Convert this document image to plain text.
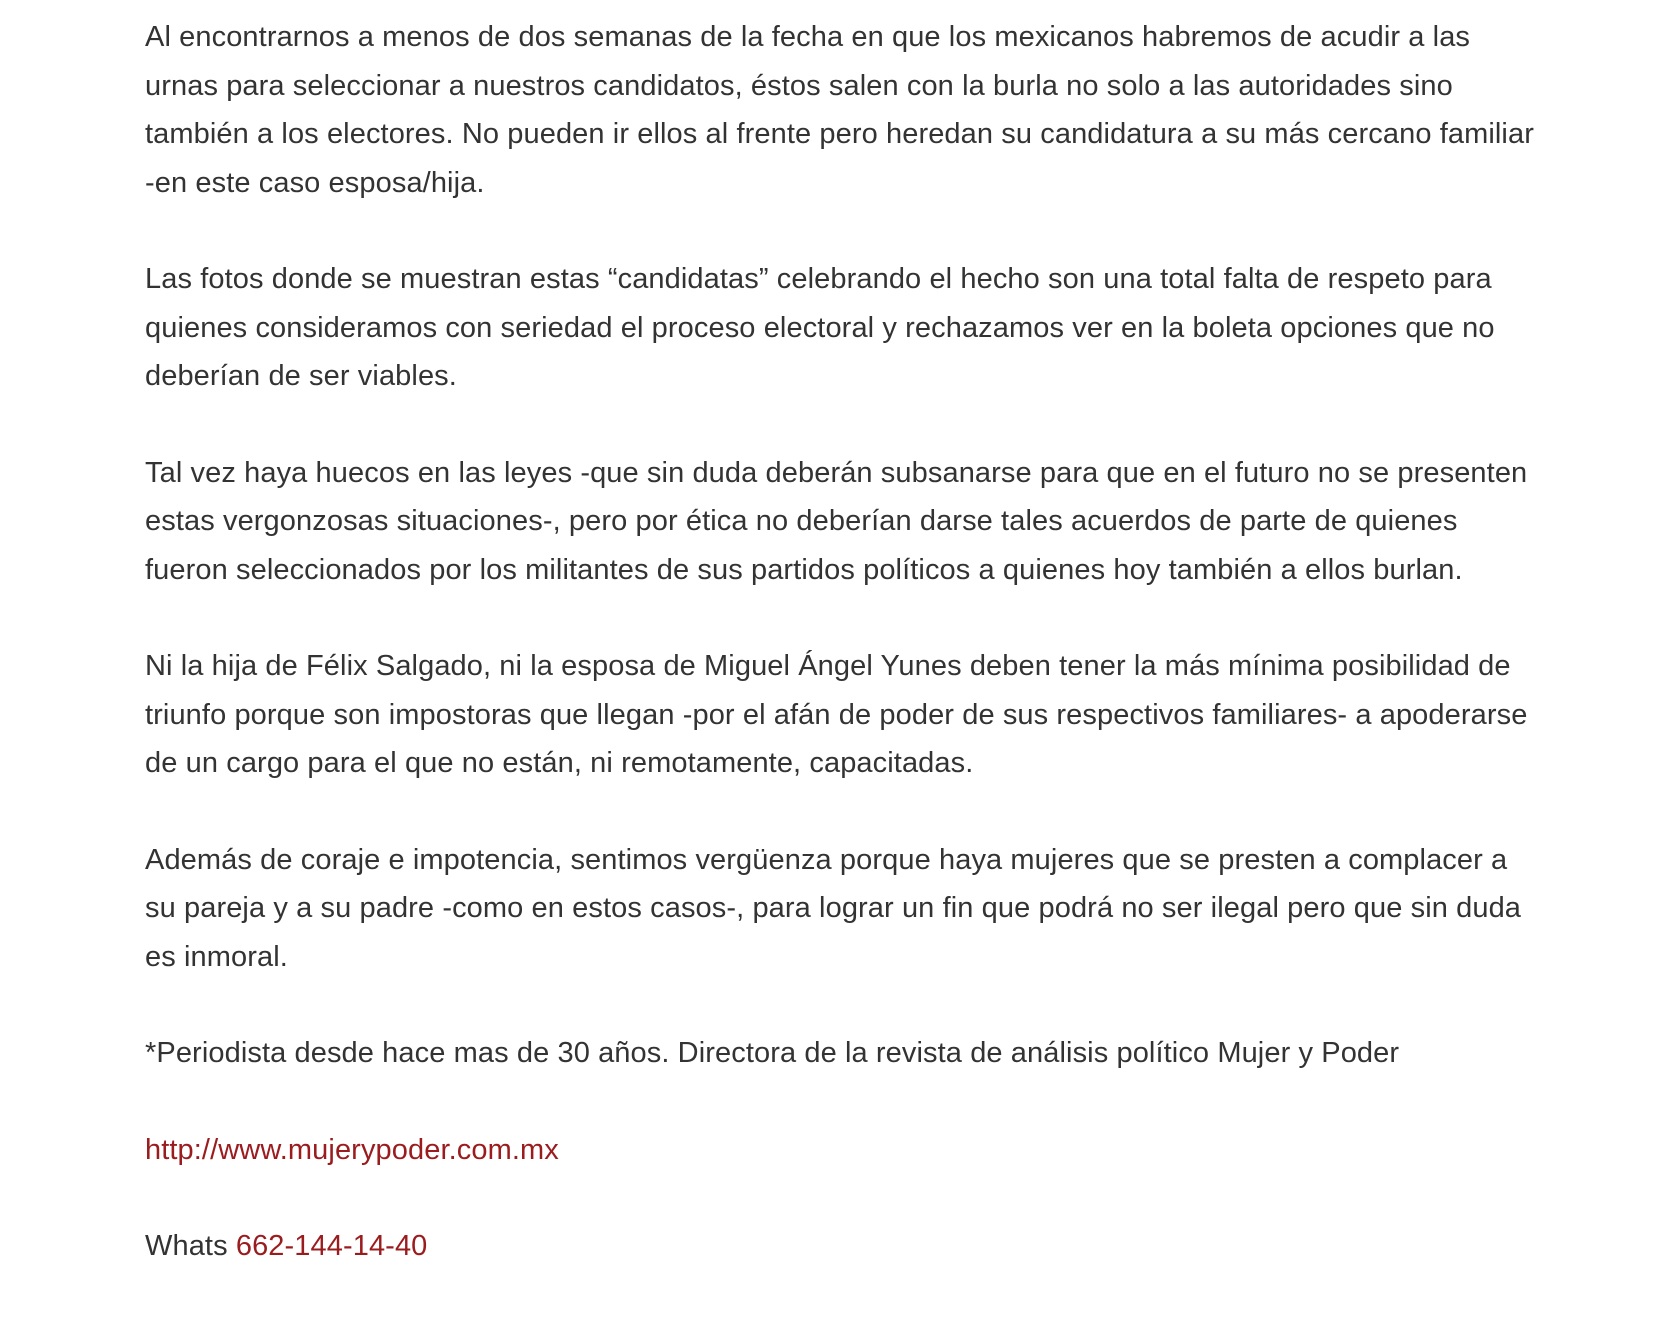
Al encontrarnos a menos de dos semanas de la fecha en que los mexicanos habremos de acudir a las urnas para seleccionar a nuestros candidatos, éstos salen con la burla no solo a las autoridades sino también a los electores. No pueden ir ellos al frente pero heredan su candidatura a su más cercano familiar -en este caso esposa/hija.

Las fotos donde se muestran estas “candidatas” celebrando el hecho son una total falta de respeto para quienes consideramos con seriedad el proceso electoral y rechazamos ver en la boleta opciones que no deberían de ser viables.

Tal vez haya huecos en las leyes -que sin duda deberán subsanarse para que en el futuro no se presenten estas vergonzosas situaciones-, pero por ética no deberían darse tales acuerdos de parte de quienes fueron seleccionados por los militantes de sus partidos políticos a quienes hoy también a ellos burlan.

Ni la hija de Félix Salgado, ni la esposa de Miguel Ángel Yunes deben tener la más mínima posibilidad de triunfo porque son impostoras que llegan -por el afán de poder de sus respectivos familiares- a apoderarse de un cargo para el que no están, ni remotamente, capacitadas.

Además de coraje e impotencia, sentimos vergüenza porque haya mujeres que se presten a complacer a su pareja y a su padre -como en estos casos-, para lograr un fin que podrá no ser ilegal pero que sin duda es inmoral.

*Periodista desde hace mas de 30 años. Directora de la revista de análisis político Mujer y Poder

http://www.mujerypoder.com.mx

Whats 662-144-14-40
